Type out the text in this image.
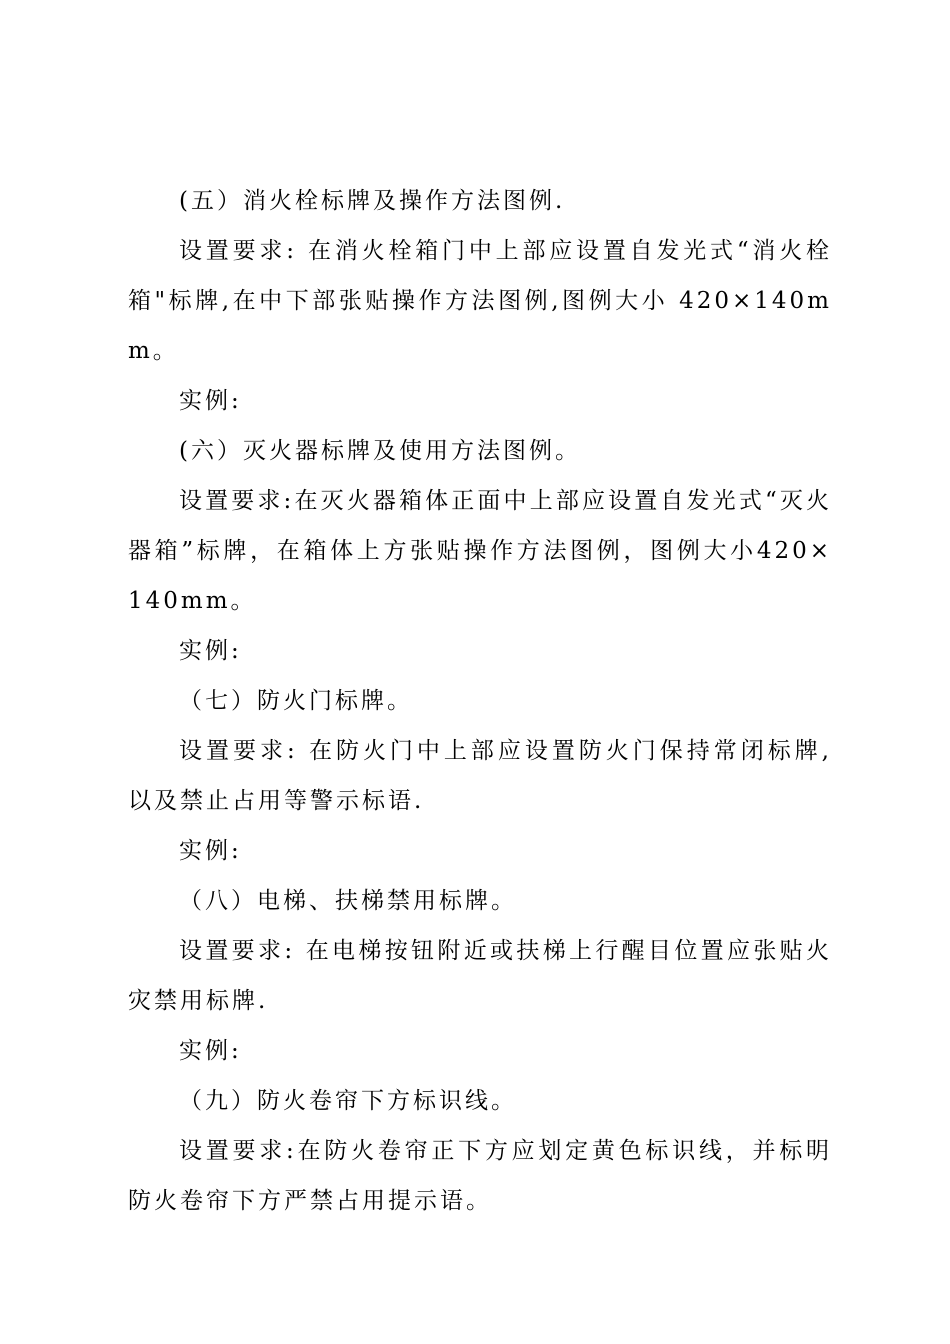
(五）消火栓标牌及操作方法图例.

设置要求: 在消火栓箱门中上部应设置自发光式“消火栓箱"标牌,在中下部张贴操作方法图例,图例大小 420×140mm。

实例:

(六）灭火器标牌及使用方法图例。

设置要求:在灭火器箱体正面中上部应设置自发光式“灭火器箱”标牌，在箱体上方张贴操作方法图例，图例大小420×140mm。

实例:

（七）防火门标牌。

设置要求: 在防火门中上部应设置防火门保持常闭标牌,以及禁止占用等警示标语.

实例:

（八）电梯、扶梯禁用标牌。

设置要求: 在电梯按钮附近或扶梯上行醒目位置应张贴火灾禁用标牌.

实例:

（九）防火卷帘下方标识线。

设置要求:在防火卷帘正下方应划定黄色标识线，并标明防火卷帘下方严禁占用提示语。
